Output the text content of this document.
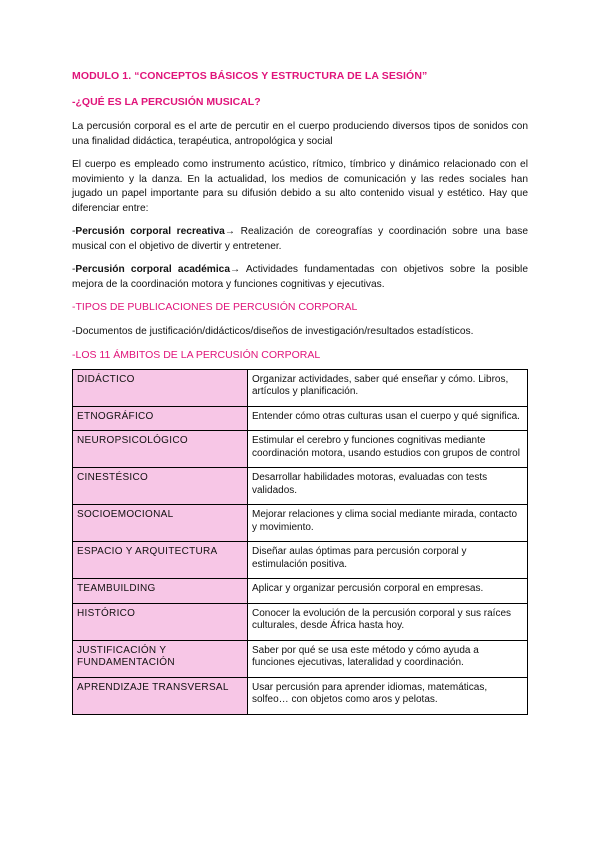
MODULO 1. “CONCEPTOS BÁSICOS Y ESTRUCTURA DE LA SESIÓN”
-¿QUÉ ES LA PERCUSIÓN MUSICAL?

La percusión corporal es el arte de percutir en el cuerpo produciendo diversos tipos de sonidos con una finalidad didáctica, terapéutica, antropológica y social

El cuerpo es empleado como instrumento acústico, rítmico, tímbrico y dinámico relacionado con el movimiento y la danza. En la actualidad, los medios de comunicación y las redes sociales han jugado un papel importante para su difusión debido a su alto contenido visual y estético. Hay que diferenciar entre:

-Percusión corporal recreativa→ Realización de coreografías y coordinación sobre una base musical con el objetivo de divertir y entretener.

-Percusión corporal académica→ Actividades fundamentadas con objetivos sobre la posible mejora de la coordinación motora y funciones cognitivas y ejecutivas.

-TIPOS DE PUBLICACIONES DE PERCUSIÓN CORPORAL

-Documentos de justificación/didácticos/diseños de investigación/resultados estadísticos.

-LOS 11 ÁMBITOS DE LA PERCUSIÓN CORPORAL
DIDÁCTICO	Organizar actividades, saber qué enseñar y cómo. Libros, artículos y planificación.
ETNOGRÁFICO	Entender cómo otras culturas usan el cuerpo y qué significa.
NEUROPSICOLÓGICO	Estimular el cerebro y funciones cognitivas mediante coordinación motora, usando estudios con grupos de control
CINESTÉSICO	Desarrollar habilidades motoras, evaluadas con tests validados.
SOCIOEMOCIONAL	Mejorar relaciones y clima social mediante mirada, contacto y movimiento.
ESPACIO Y ARQUITECTURA	Diseñar aulas óptimas para percusión corporal y estimulación positiva.
TEAMBUILDING	Aplicar y organizar percusión corporal en empresas.
HISTÓRICO	Conocer la evolución de la percusión corporal y sus raíces culturales, desde África hasta hoy.
JUSTIFICACIÓN Y FUNDAMENTACIÓN	Saber por qué se usa este método y cómo ayuda a funciones ejecutivas, lateralidad y coordinación.
APRENDIZAJE TRANSVERSAL	Usar percusión para aprender idiomas, matemáticas, solfeo… con objetos como aros y pelotas.
